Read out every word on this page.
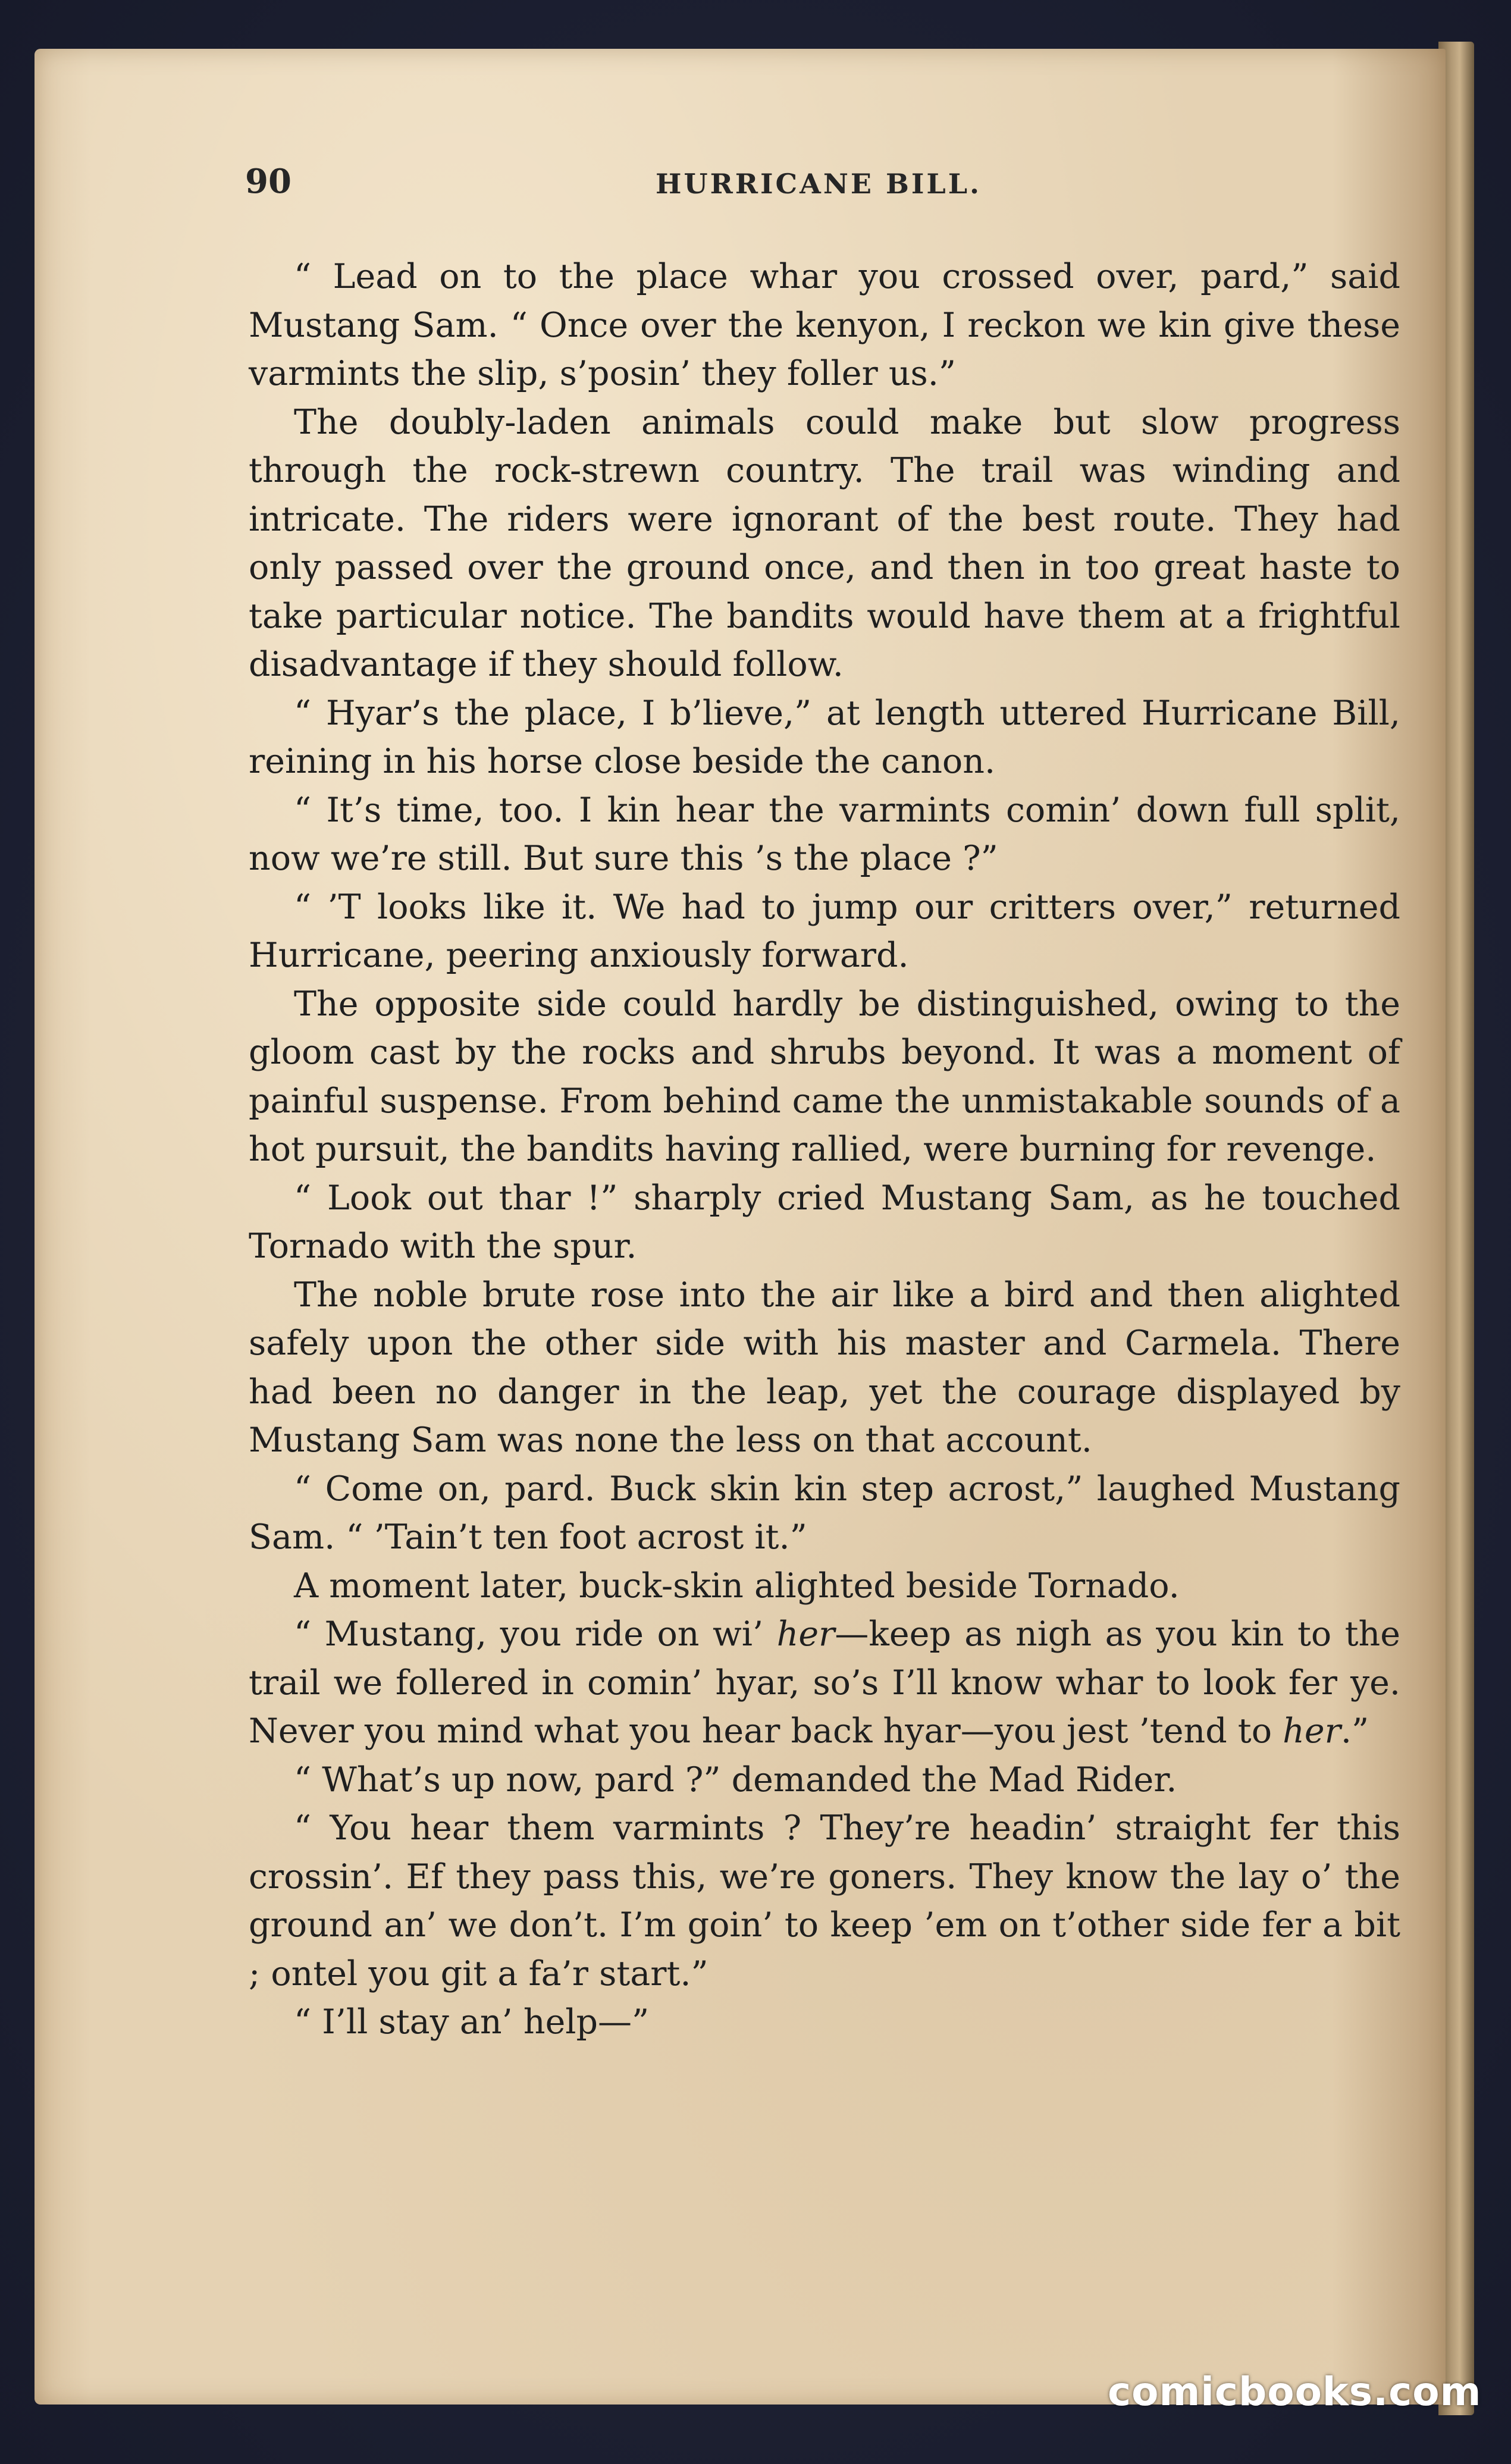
90	HURRICANE BILL.

“ Lead on to the place whar you crossed over, pard,” said Mustang Sam. “ Once over the kenyon, I reckon we kin give these varmints the slip, s’posin’ they foller us.”

The doubly-laden animals could make but slow progress through the rock-strewn country. The trail was winding and intricate. The riders were ignorant of the best route. They had only passed over the ground once, and then in too great haste to take particular notice. The bandits would have them at a frightful disadvantage if they should follow.

“ Hyar’s the place, I b’lieve,” at length uttered Hurricane Bill, reining in his horse close beside the canon.

“ It’s time, too. I kin hear the varmints comin’ down full split, now we’re still. But sure this ’s the place ?”

“ ’T looks like it. We had to jump our critters over,” returned Hurricane, peering anxiously forward.

The opposite side could hardly be distinguished, owing to the gloom cast by the rocks and shrubs beyond. It was a moment of painful suspense. From behind came the unmistakable sounds of a hot pursuit, the bandits having rallied, were burning for revenge.

“ Look out thar !” sharply cried Mustang Sam, as he touched Tornado with the spur.

The noble brute rose into the air like a bird and then alighted safely upon the other side with his master and Carmela. There had been no danger in the leap, yet the courage displayed by Mustang Sam was none the less on that account.

“ Come on, pard. Buck skin kin step acrost,” laughed Mustang Sam. “ ’Tain’t ten foot acrost it.”

A moment later, buck-skin alighted beside Tornado.

“ Mustang, you ride on wi’ her—keep as nigh as you kin to the trail we follered in comin’ hyar, so’s I’ll know whar to look fer ye. Never you mind what you hear back hyar—you jest ’tend to her.”

“ What’s up now, pard ?” demanded the Mad Rider.

“ You hear them varmints ? They’re headin’ straight fer this crossin’. Ef they pass this, we’re goners. They know the lay o’ the ground an’ we don’t. I’m goin’ to keep ’em on t’other side fer a bit ; ontel you git a fa’r start.”

“ I’ll stay an’ help—”

comicbooks.com
